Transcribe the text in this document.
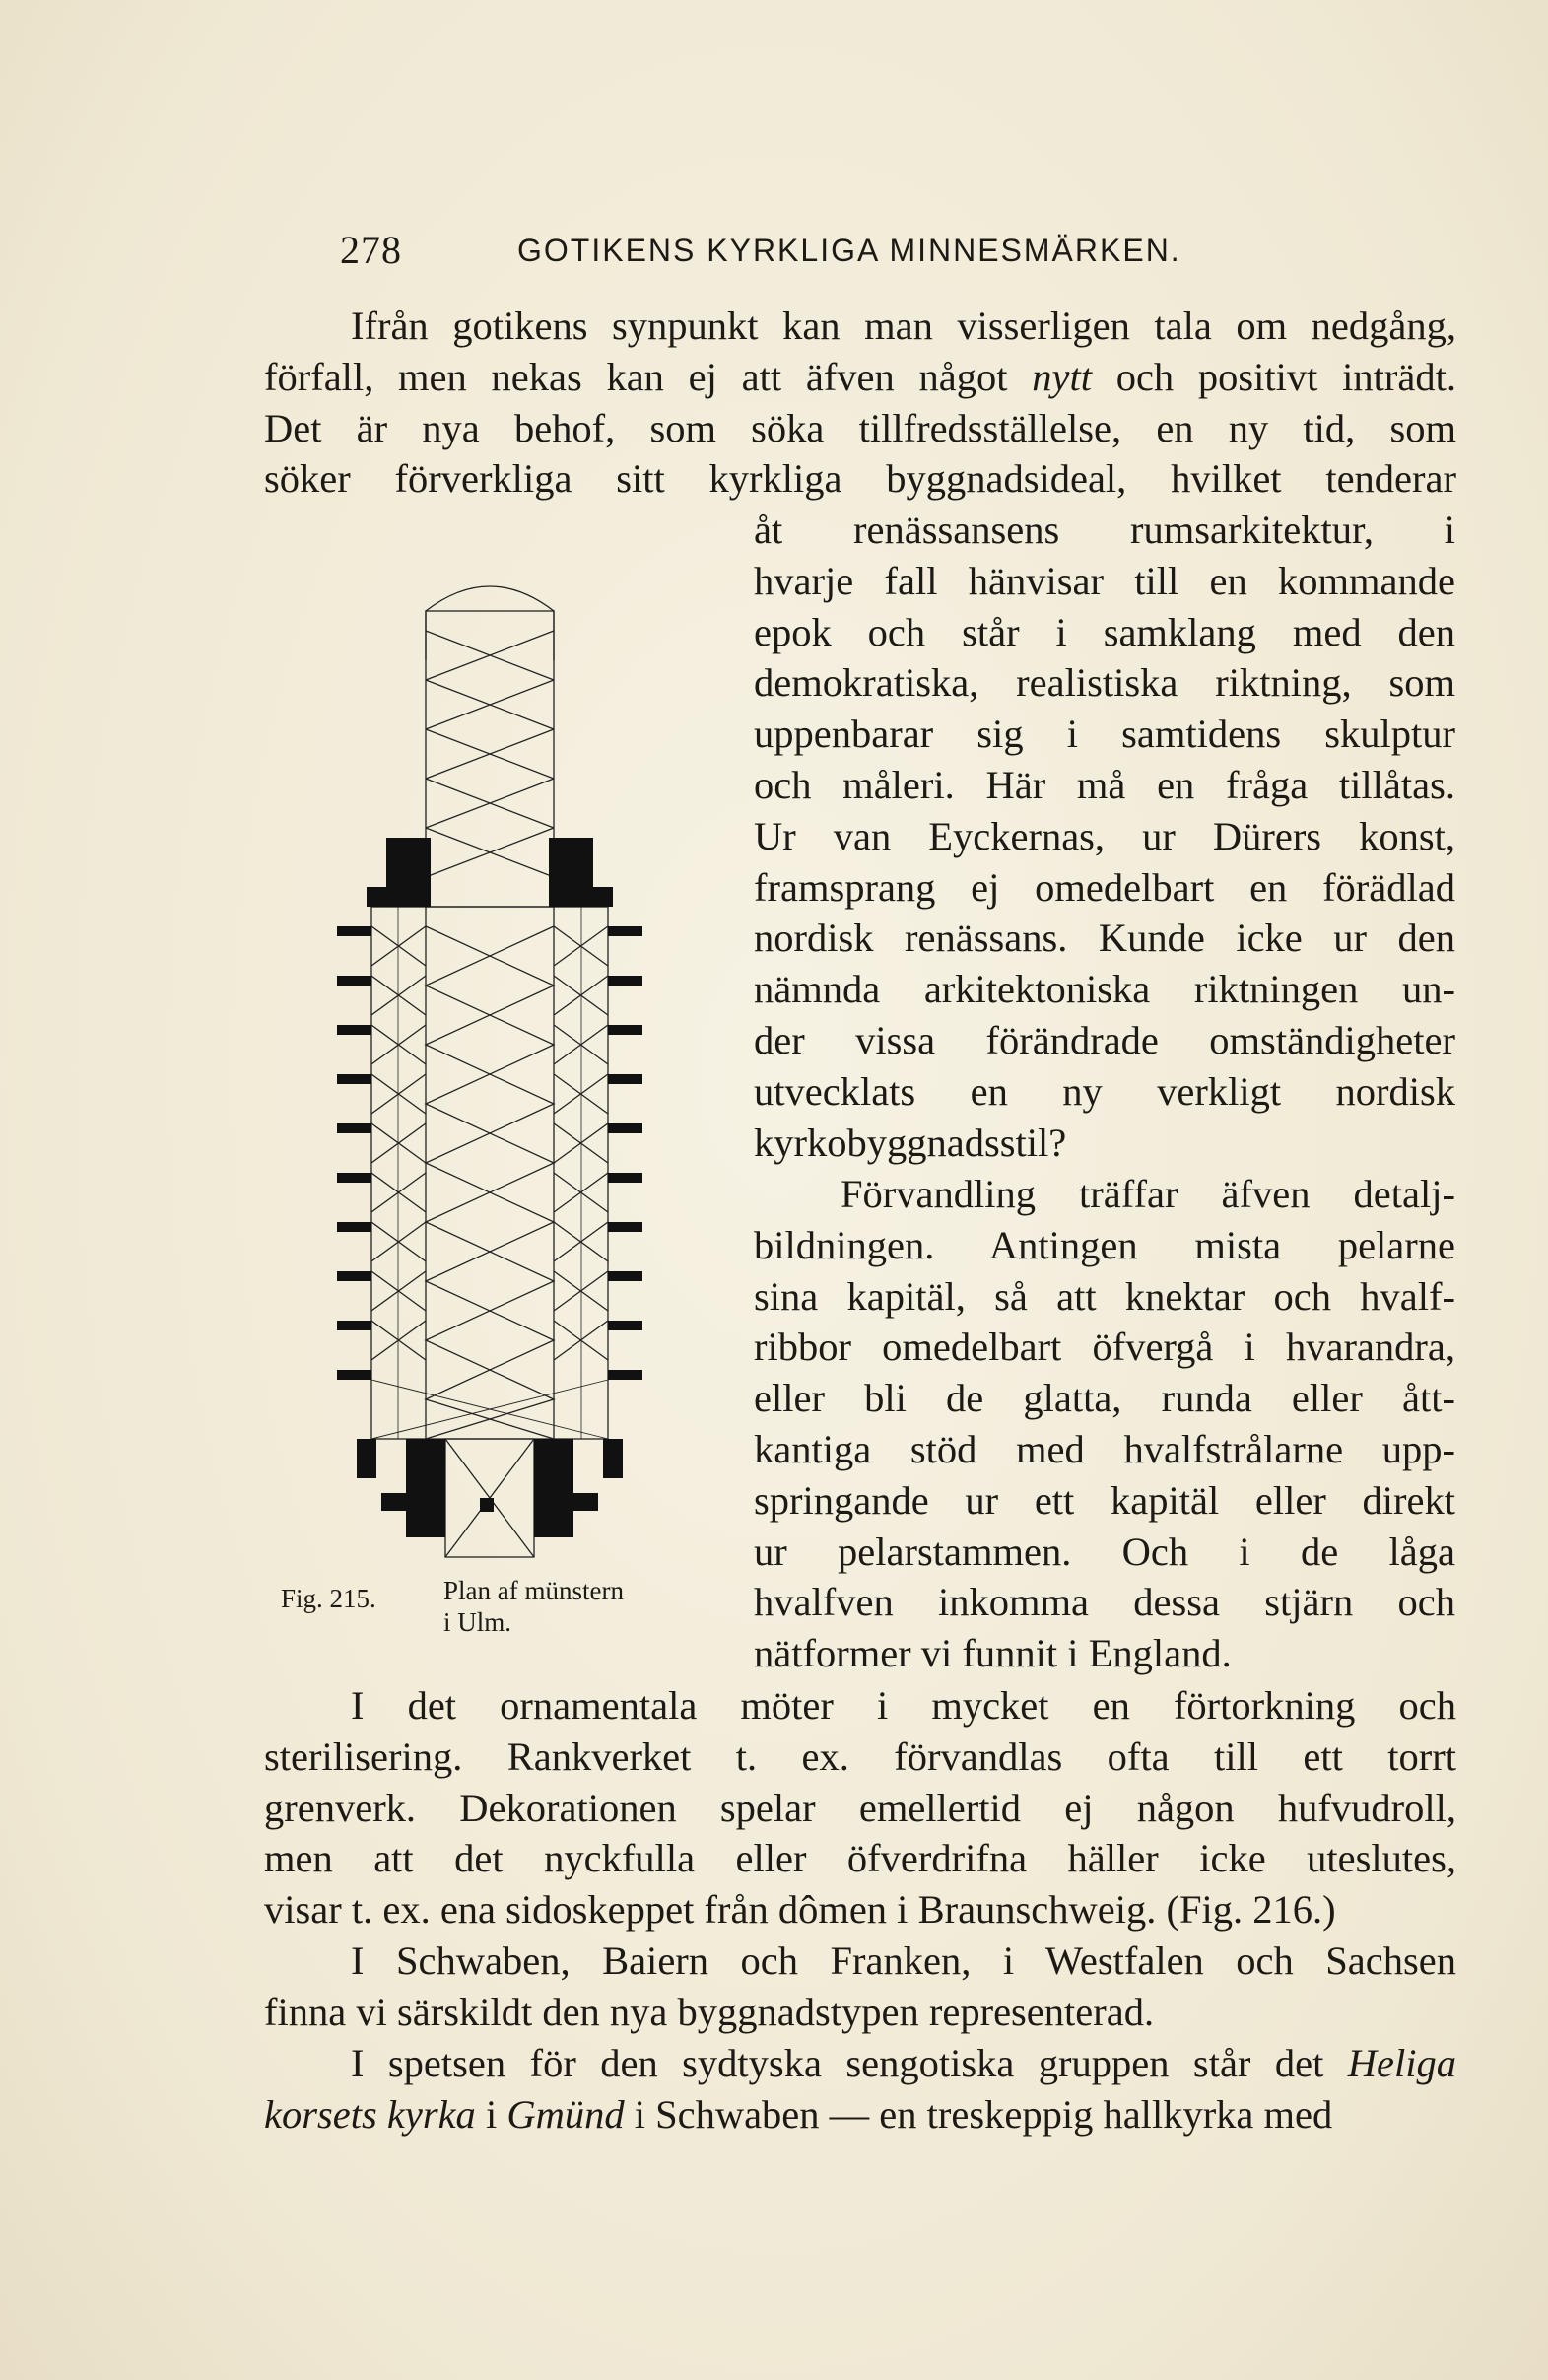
278	GOTIKENS KYRKLIGA MINNESMÄRKEN.
Ifrån gotikens synpunkt kan man visserligen tala om nedgång,
förfall, men nekas kan ej att äfven något nytt och positivt inträdt.
Det är nya behof, som söka tillfredsställelse, en ny tid, som
söker förverkliga sitt kyrkliga byggnadsideal, hvilket tenderar
åt renässansens rumsarkitektur, i
hvarje fall hänvisar till en kommande
epok och står i samklang med den
demokratiska, realistiska riktning, som
uppenbarar sig i samtidens skulptur
och måleri. Här må en fråga tillåtas.
Ur van Eyckernas, ur Dürers konst,
framsprang ej omedelbart en förädlad
nordisk renässans. Kunde icke ur den
nämnda arkitektoniska riktningen un-
der vissa förändrade omständigheter
utvecklats en ny verkligt nordisk
kyrkobyggnadsstil?
Förvandling träffar äfven detalj-
bildningen. Antingen mista pelarne
sina kapitäl, så att knektar och hvalf-
ribbor omedelbart öfvergå i hvarandra,
eller bli de glatta, runda eller ått-
kantiga stöd med hvalfstrålarne upp-
springande ur ett kapitäl eller direkt
ur pelarstammen. Och i de låga
hvalfven inkomma dessa stjärn och
nätformer vi funnit i England.
I det ornamentala möter i mycket en förtorkning och
sterilisering. Rankverket t. ex. förvandlas ofta till ett torrt
grenverk. Dekorationen spelar emellertid ej någon hufvudroll,
men att det nyckfulla eller öfverdrifna häller icke uteslutes,
visar t. ex. ena sidoskeppet från dômen i Braunschweig. (Fig. 216.)
I Schwaben, Baiern och Franken, i Westfalen och Sachsen
finna vi särskildt den nya byggnadstypen representerad.
I spetsen för den sydtyska sengotiska gruppen står det Heliga
korsets kyrka i Gmünd i Schwaben — en treskeppig hallkyrka med
Fig. 215.	Plan af münstern
i Ulm.
